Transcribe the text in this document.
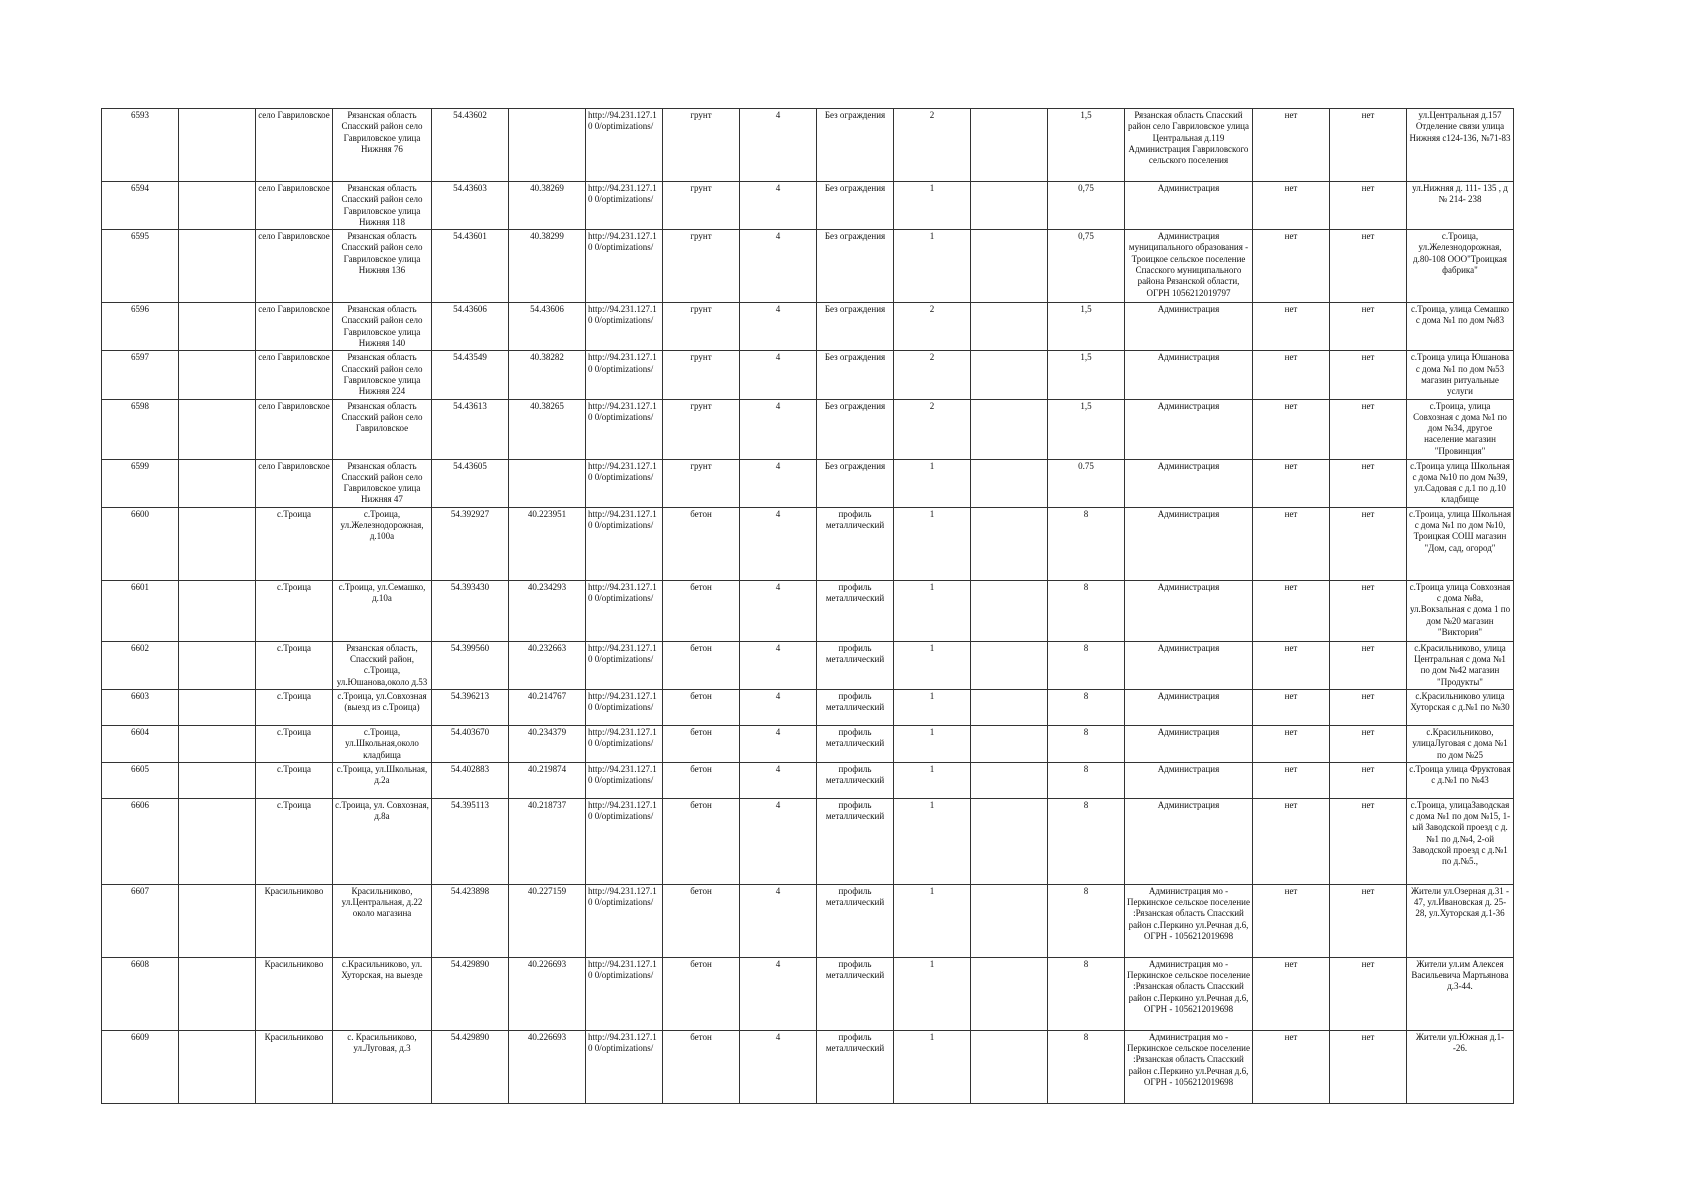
6593		село Гавриловское	Рязанская область Спасский район село Гавриловское улица Нижняя 76	54.43602		http://94.231.127.10 0/optimizations/	грунт	4	Без ограждения	2		1,5	Рязанская область Спасский район село Гавриловское улица Центральная д.119 Администрация Гавриловского сельского поселения	нет	нет	ул.Центральная д.157 Отделение связи улица Нижняя с124-136, №71-83
6594		село Гавриловское	Рязанская область Спасский район село Гавриловское улица Нижняя 118	54.43603	40.38269	http://94.231.127.10 0/optimizations/	грунт	4	Без ограждения	1		0,75	Администрация	нет	нет	ул.Нижняя д. 111- 135 , д № 214- 238
6595		село Гавриловское	Рязанская область Спасский район село Гавриловское улица Нижняя 136	54.43601	40.38299	http://94.231.127.10 0/optimizations/	грунт	4	Без ограждения	1		0,75	Администрация муниципального образования - Троицкое сельское поселение Спасского муниципального района Рязанской области, ОГРН 1056212019797	нет	нет	с.Троица, ул.Железнодорожная, д.80-108 ООО"Троицкая фабрика"
6596		село Гавриловское	Рязанская область Спасский район село Гавриловское улица Нижняя 140	54.43606	54.43606	http://94.231.127.10 0/optimizations/	грунт	4	Без ограждения	2		1,5	Администрация	нет	нет	с.Троица, улица Семашко с дома №1 по дом №83
6597		село Гавриловское	Рязанская область Спасский район село Гавриловское улица Нижняя 224	54.43549	40.38282	http://94.231.127.10 0/optimizations/	грунт	4	Без ограждения	2		1,5	Администрация	нет	нет	с.Троица улица Юшанова с дома №1 по дом №53 магазин ритуальные услуги
6598		село Гавриловское	Рязанская область Спасский район село Гавриловское	54.43613	40.38265	http://94.231.127.10 0/optimizations/	грунт	4	Без ограждения	2		1,5	Администрация	нет	нет	с.Троица, улица Совхозная с дома №1 по дом №34, другое население магазин "Провинция"
6599		село Гавриловское	Рязанская область Спасский район село Гавриловское улица Нижняя 47	54.43605		http://94.231.127.10 0/optimizations/	грунт	4	Без ограждения	1		0.75	Администрация	нет	нет	с.Троица улица Школьная с дома №10 по дом №39, ул.Садовая с д.1 по д.10 кладбище
6600		с.Троица	с.Троица, ул.Железнодорожная, д.100а	54.392927	40.223951	http://94.231.127.10 0/optimizations/	бетон	4	профиль металлический	1		8	Администрация	нет	нет	с.Троица, улица Школьная с дома №1 по дом №10, Троицкая СОШ магазин "Дом, сад, огород"
6601		с.Троица	с.Троица, ул.Семашко, д.10а	54.393430	40.234293	http://94.231.127.10 0/optimizations/	бетон	4	профиль металлический	1		8	Администрация	нет	нет	с.Троица улица Совхозная с дома №8а, ул.Вокзальная с дома 1 по дом №20 магазин "Виктория"
6602		с.Троица	Рязанская область, Спасский район, с.Троица, ул.Юшанова,около д.53	54.399560	40.232663	http://94.231.127.10 0/optimizations/	бетон	4	профиль металлический	1		8	Администрация	нет	нет	с.Красильниково, улица Центральная с дома №1 по дом №42 магазин "Продукты"
6603		с.Троица	с.Троица, ул.Совхозная (выезд из с.Троица)	54.396213	40.214767	http://94.231.127.10 0/optimizations/	бетон	4	профиль металлический	1		8	Администрация	нет	нет	с.Красильниково улица Хуторская с д.№1 по №30
6604		с.Троица	с.Троица, ул.Школьная,около кладбища	54.403670	40.234379	http://94.231.127.10 0/optimizations/	бетон	4	профиль металлический	1		8	Администрация	нет	нет	с.Красильниково, улицаЛуговая с дома №1 по дом №25
6605		с.Троица	с.Троица, ул.Школьная, д.2а	54.402883	40.219874	http://94.231.127.10 0/optimizations/	бетон	4	профиль металлический	1		8	Администрация	нет	нет	с.Троица улица Фруктовая с д.№1 по №43
6606		с.Троица	с.Троица, ул. Совхозная, д.8а	54.395113	40.218737	http://94.231.127.10 0/optimizations/	бетон	4	профиль металлический	1		8	Администрация	нет	нет	с.Троица, улицаЗаводская с дома №1 по дом №15, 1-ый Заводской проезд с д.№1 по д.№4, 2-ой Заводской проезд с д.№1 по д.№5.,
6607		Красильниково	Красильниково, ул.Центральная, д.22 около магазина	54.423898	40.227159	http://94.231.127.10 0/optimizations/	бетон	4	профиль металлический	1		8	Администрация мо - Перкинское сельское поселение :Рязанская область Спасский район с.Перкино ул.Речная д.6, ОГРН - 1056212019698	нет	нет	Жители ул.Озерная д.31 - 47, ул.Ивановская д. 25-28, ул.Хуторская д.1-36
6608		Красильниково	с.Красильниково, ул. Хуторская, на выезде	54.429890	40.226693	http://94.231.127.10 0/optimizations/	бетон	4	профиль металлический	1		8	Администрация мо - Перкинское сельское поселение :Рязанская область Спасский район с.Перкино ул.Речная д.6, ОГРН - 1056212019698	нет	нет	Жители ул.им Алексея Васильевича Мартьянова д.3-44.
6609		Красильниково	с. Красильниково, ул.Луговая, д.3	54.429890	40.226693	http://94.231.127.10 0/optimizations/	бетон	4	профиль металлический	1		8	Администрация мо - Перкинское сельское поселение :Рязанская область Спасский район с.Перкино ул.Речная д.6, ОГРН - 1056212019698	нет	нет	Жители ул.Южная д.1--26.
